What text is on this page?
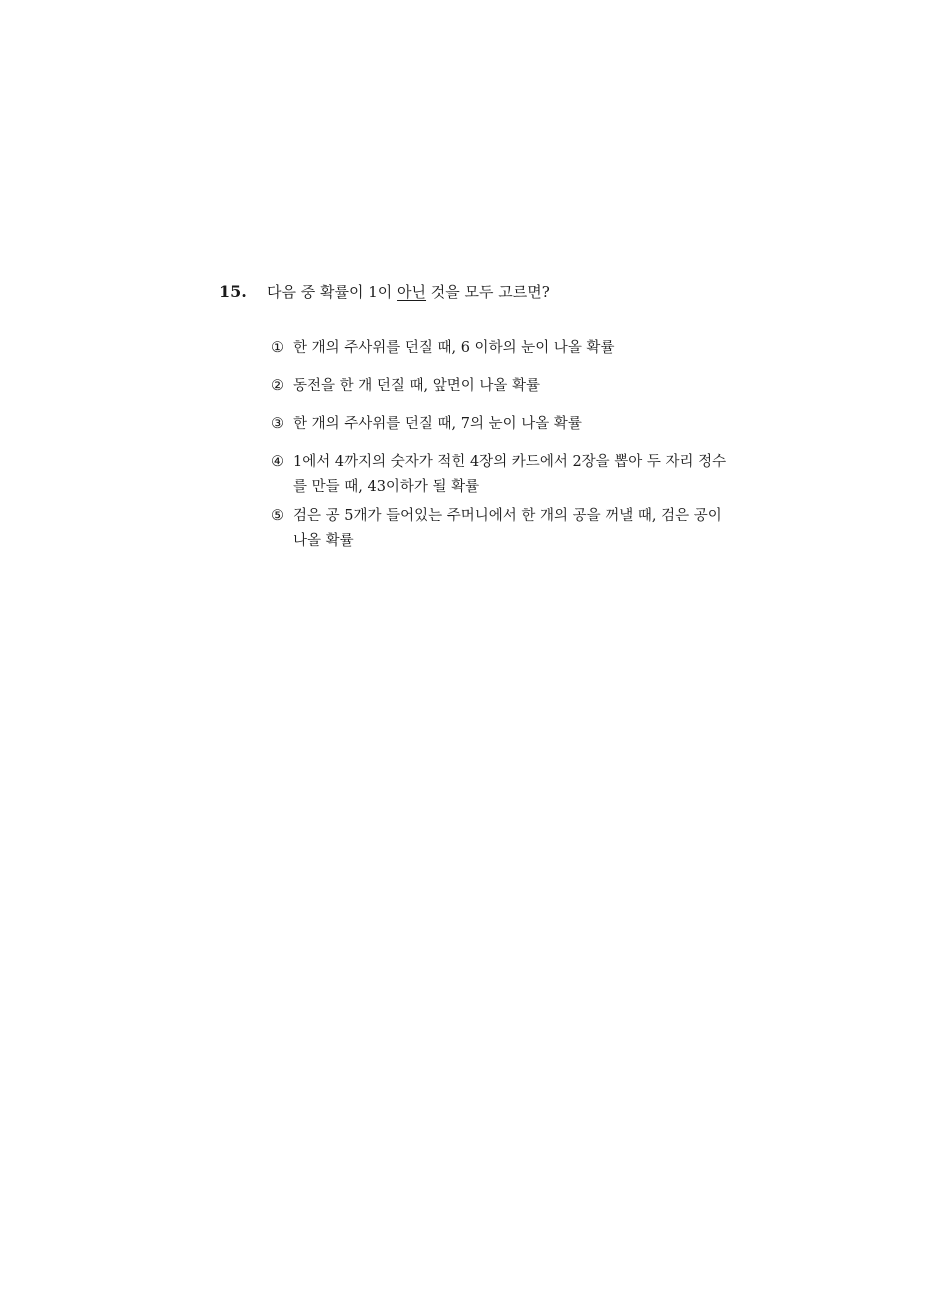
15.	다음 중 확률이 1이 아닌 것을 모두 고르면?
① 한 개의 주사위를 던질 때, 6 이하의 눈이 나올 확률
② 동전을 한 개 던질 때, 앞면이 나올 확률
③ 한 개의 주사위를 던질 때, 7의 눈이 나올 확률
④ 1에서 4까지의 숫자가 적힌 4장의 카드에서 2장을 뽑아 두 자리 정수를 만들 때, 43이하가 될 확률
⑤ 검은 공 5개가 들어있는 주머니에서 한 개의 공을 꺼낼 때, 검은 공이 나올 확률
